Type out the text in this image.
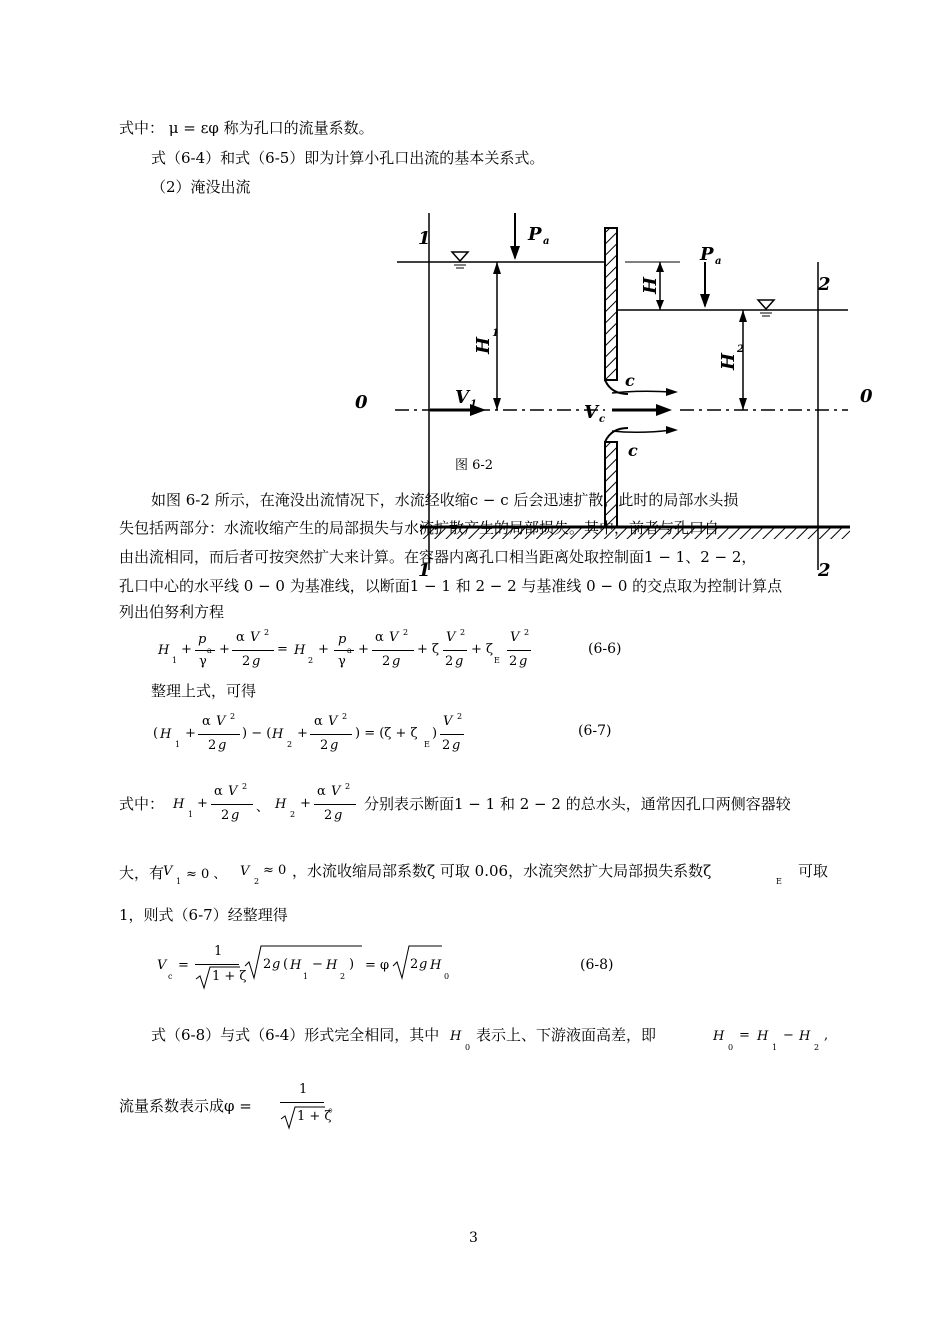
式中： μ = εφ 称为孔口的流量系数。
式（6-4）和式（6-5）即为计算小孔口出流的基本关系式。
（2）淹没出流
1
1
2
2
0	0
P a
P a
H
H
1
H
2
V 1	V c
c
c
图 6-2
如图 6-2 所示，在淹没出流情况下，水流经收缩c − c 后会迅速扩散，此时的局部水头损
失包括两部分：水流收缩产生的局部损失与水流扩散产生的局部损失。其中，前者与孔口自
由出流相同，而后者可按突然扩大来计算。在容器内离孔口相当距离处取控制面1 − 1、2 − 2，
孔口中心的水平线 0 − 0 为基准线，以断面1 − 1 和 2 − 2 与基准线 0 − 0 的交点取为控制计算点
列出伯努利方程
H
1
+
p
a
γ
+
α V 2
2 g
= H
2
+
p
a
γ
+
α V 2
2 g
+ ζ
V 2
2 g
+ ζ
E
V 2
2 g
(6-6)
整理上式，可得
( H
1
+
α V 2
2 g
) − ( H
2
+
α V 2
2 g
) = (ζ + ζ
E
)
V 2
2 g
(6-7)
式中： H
1
+
α V 2
2 g
、 H
2
+
α V 2
2 g
分别表示断面1 − 1 和 2 − 2 的总水头，通常因孔口两侧容器较
大，有
V
1 ≈ 0 、 V
2
≈ 0 ，水流收缩局部系数ζ 可取 0.06，水流突然扩大局部损失系数ζ
E
可取
1，则式（6-7）经整理得
V
c
=
1
1 + ζ
2 g ( H
1
− H
2
) = φ 2 g H
0
(6-8)
式（6-8）与式（6-4）形式完全相同，其中 H
0
表示上、下游液面高差，即	H
0
= H
1
− H
2
,
流量系数表示成φ =
1
1 + ζ
。
3
